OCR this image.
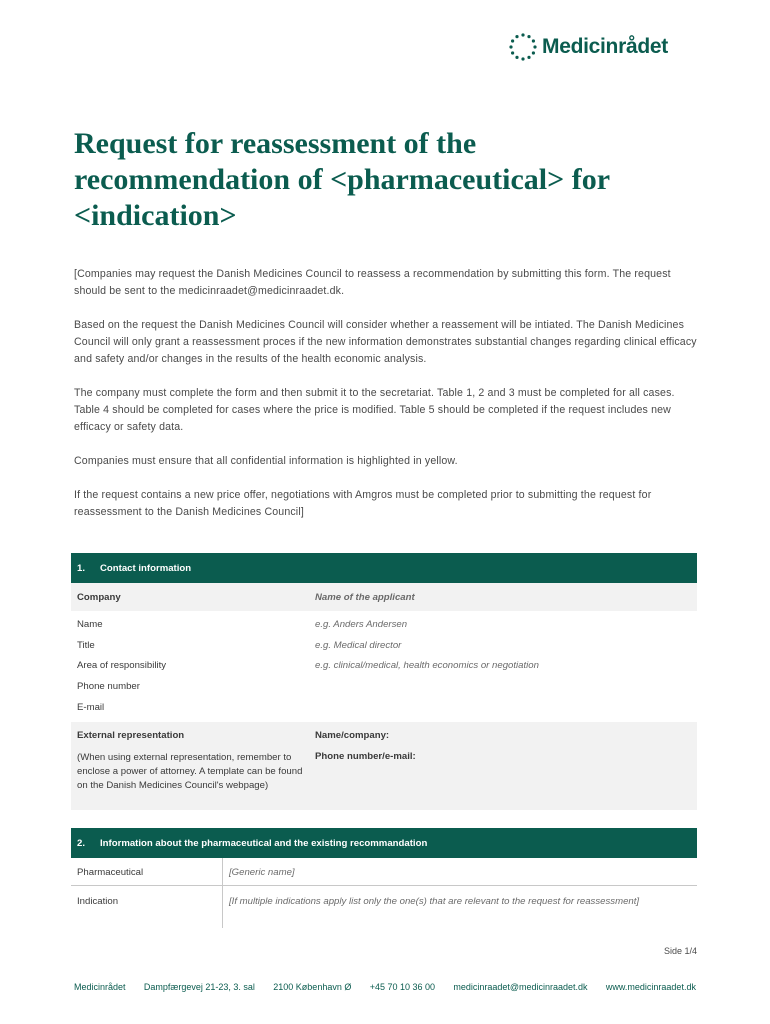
Medicinrådet
Request for reassessment of the recommendation of <pharmaceutical> for <indication>

[Companies may request the Danish Medicines Council to reassess a recommendation by submitting this form. The request should be sent to the medicinraadet@medicinraadet.dk.

Based on the request the Danish Medicines Council will consider whether a reassement will be intiated. The Danish Medicines Council will only grant a reassessment proces if the new information demonstrates substantial changes regarding clinical efficacy and safety and/or changes in the results of the health economic analysis.

The company must complete the form and then submit it to the secretariat. Table 1, 2 and 3 must be completed for all cases. Table 4 should be completed for cases where the price is modified. Table 5 should be completed if the request includes new efficacy or safety data.

Companies must ensure that all confidential information is highlighted in yellow.

If the request contains a new price offer, negotiations with Amgros must be completed prior to submitting the request for reassessment to the Danish Medicines Council]

1.	Contact information
Company	Name of the applicant
Name	e.g. Anders Andersen
Title	e.g. Medical director
Area of responsibility	e.g. clinical/medical, health economics or negotiation
Phone number
E-mail
External representation	Name/company:
(When using external representation, remember to enclose a power of attorney. A template can be found on the Danish Medicines Council's webpage)
Phone number/e-mail:
2.	Information about the pharmaceutical and the existing recommandation
Pharmaceutical	[Generic name]
Indication	[If multiple indications apply list only the one(s) that are relevant to the request for reassessment]
Side 1/4
Medicinrådet Dampfærgevej 21-23, 3. sal 2100 København Ø +45 70 10 36 00 medicinraadet@medicinraadet.dk www.medicinraadet.dk
